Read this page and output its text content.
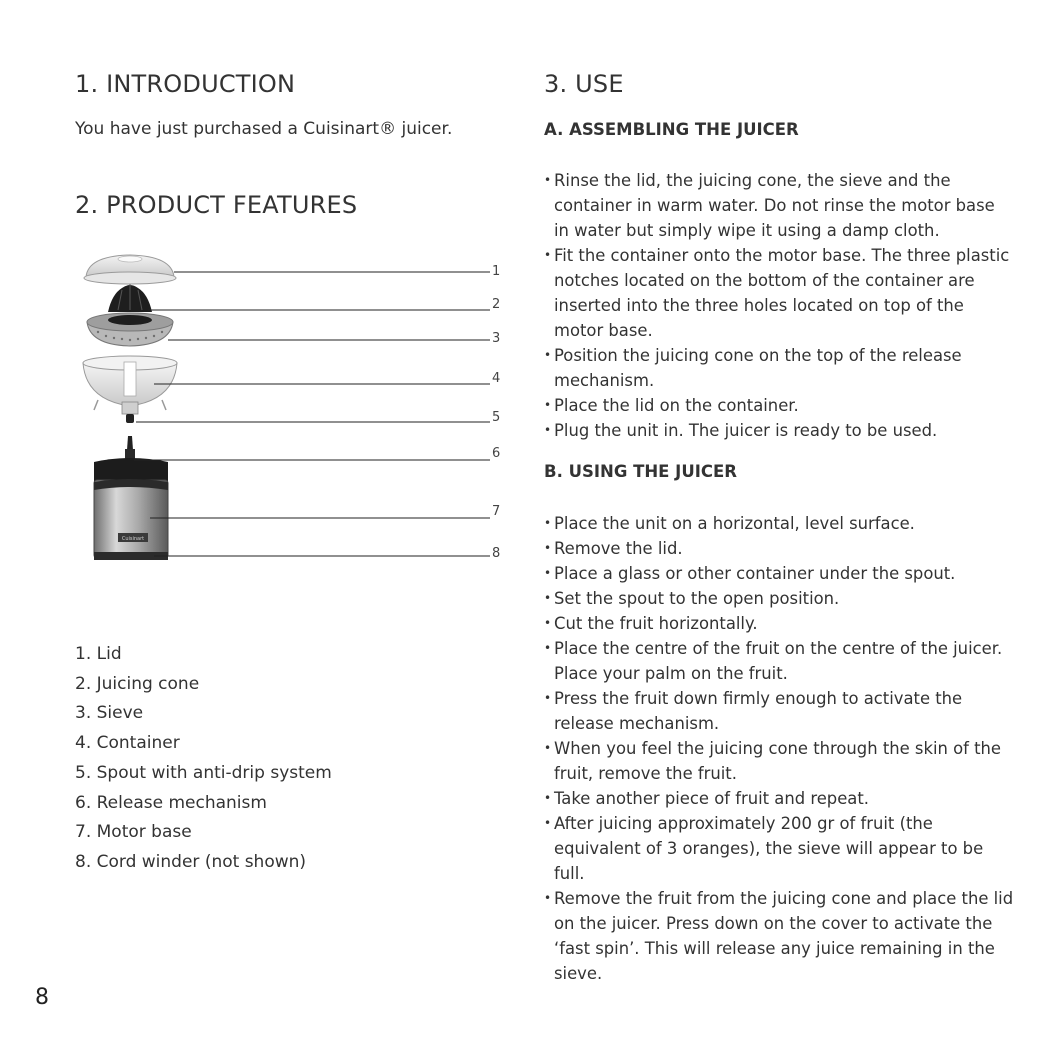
1. INTRODUCTION
You have just purchased a Cuisinart® juicer.
2. PRODUCT FEATURES
Cuisinart
1
2
3
4
5
6
7
8
1. Lid
2. Juicing cone
3. Sieve
4. Container
5. Spout with anti-drip system
6. Release mechanism
7. Motor base
8. Cord winder (not shown)
3. USE
A. ASSEMBLING THE JUICER
• Rinse the lid, the juicing cone, the sieve and the container in warm water. Do not rinse the motor base in water but simply wipe it using a damp cloth.
• Fit the container onto the motor base. The three plastic notches located on the bottom of the container are inserted into the three holes located on top of the motor base.
• Position the juicing cone on the top of the release mechanism.
• Place the lid on the container.
• Plug the unit in. The juicer is ready to be used.
B. USING THE JUICER
• Place the unit on a horizontal, level surface.
• Remove the lid.
• Place a glass or other container under the spout.
• Set the spout to the open position.
• Cut the fruit horizontally.
• Place the centre of the fruit on the centre of the juicer. Place your palm on the fruit.
• Press the fruit down firmly enough to activate the release mechanism.
• When you feel the juicing cone through the skin of the fruit, remove the fruit.
• Take another piece of fruit and repeat.
• After juicing approximately 200 gr of fruit (the equivalent of 3 oranges), the sieve will appear to be full.
• Remove the fruit from the juicing cone and place the lid on the juicer. Press down on the cover to activate the ‘fast spin’. This will release any juice remaining in the sieve.
8
